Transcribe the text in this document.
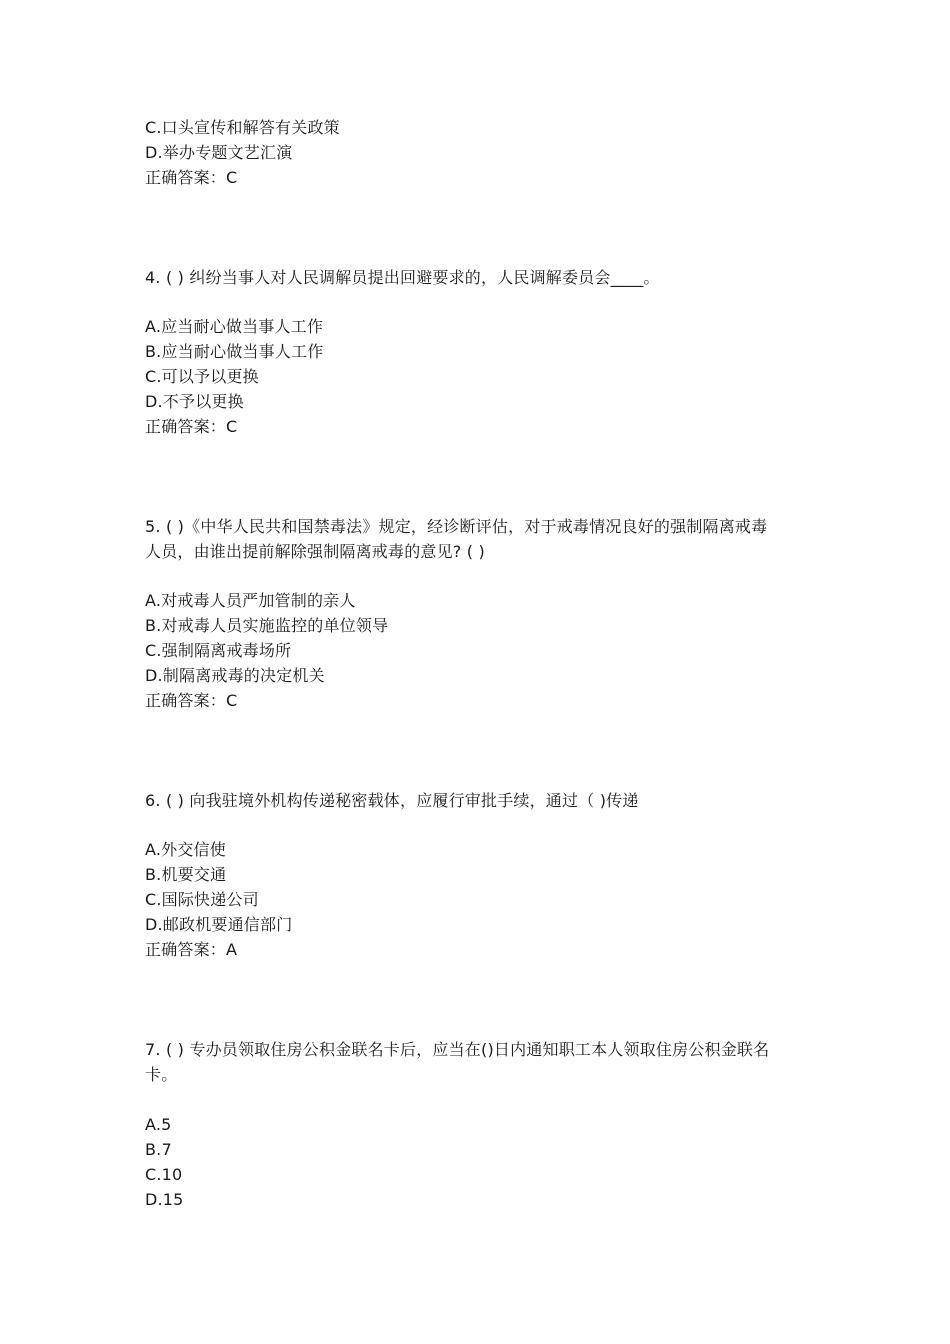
C.口头宣传和解答有关政策
D.举办专题文艺汇演
正确答案：C
4. ( ) 纠纷当事人对人民调解员提出回避要求的，人民调解委员会____。
A.应当耐心做当事人工作
B.应当耐心做当事人工作
C.可以予以更换
D.不予以更换
正确答案：C
5. ( )《中华人民共和国禁毒法》规定，经诊断评估，对于戒毒情况良好的强制隔离戒毒
人员，由谁出提前解除强制隔离戒毒的意见? ( )
A.对戒毒人员严加管制的亲人
B.对戒毒人员实施监控的单位领导
C.强制隔离戒毒场所
D.制隔离戒毒的决定机关
正确答案：C
6. ( ) 向我驻境外机构传递秘密载体，应履行审批手续，通过（ )传递
A.外交信使
B.机要交通
C.国际快递公司
D.邮政机要通信部门
正确答案：A
7. ( ) 专办员领取住房公积金联名卡后，应当在()日内通知职工本人领取住房公积金联名
卡。
A.5
B.7
C.10
D.15
